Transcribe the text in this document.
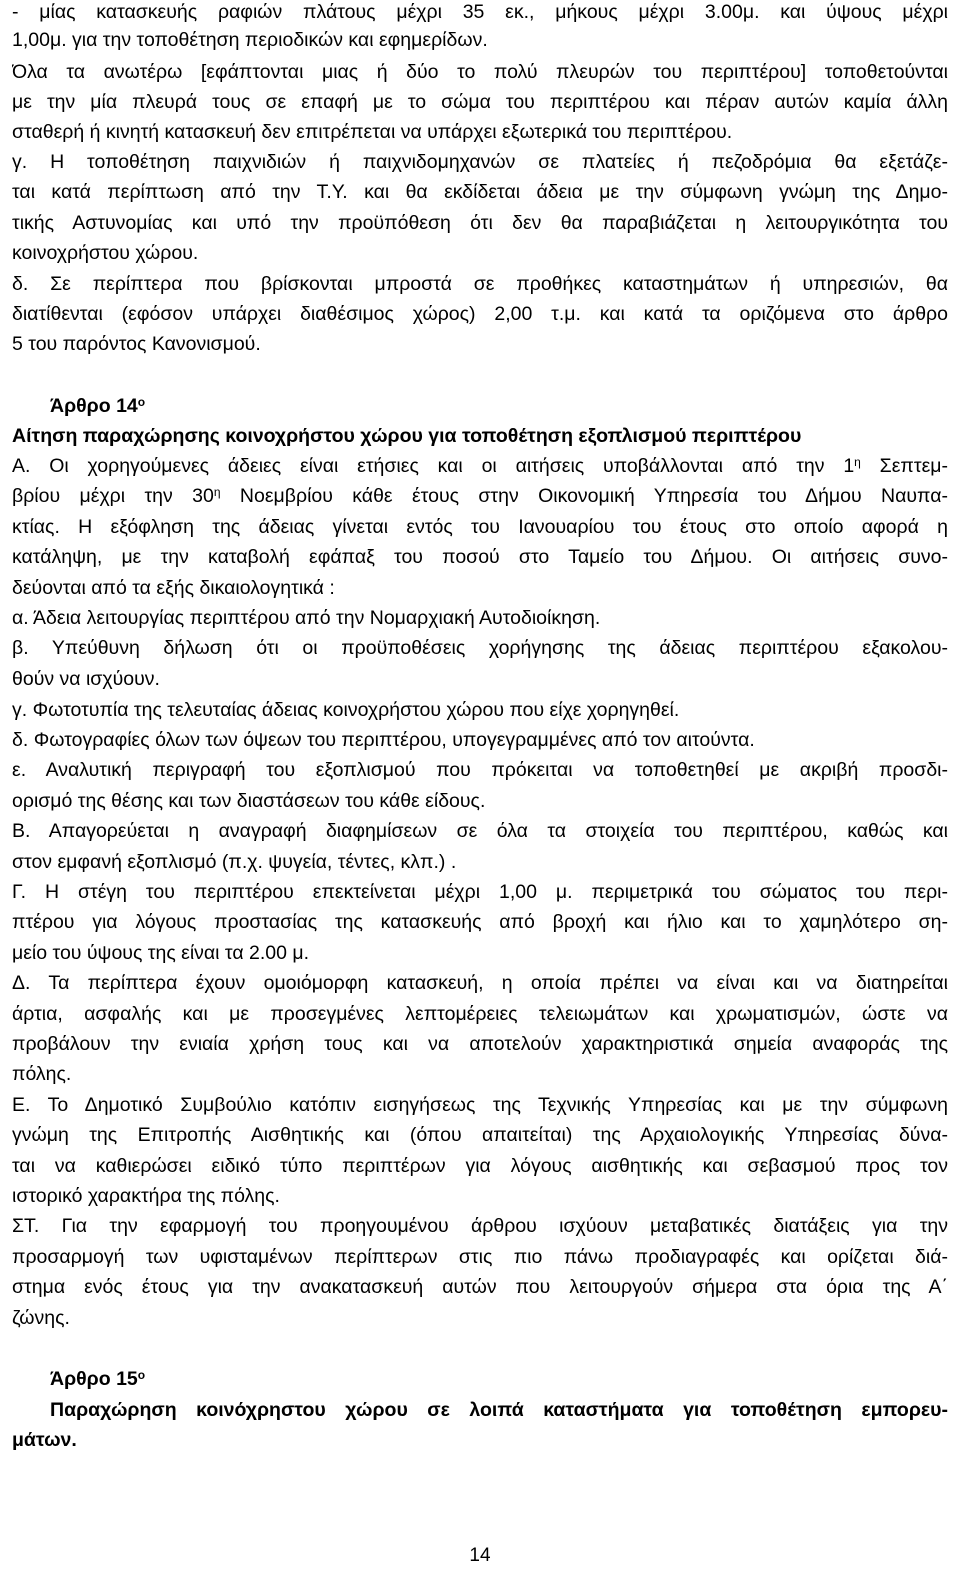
- μίας κατασκευής ραφιών πλάτους μέχρι 35 εκ., μήκους μέχρι 3.00μ. και ύψους μέχρι
1,00μ. για την τοποθέτηση περιοδικών και εφημερίδων.
Όλα τα ανωτέρω [εφάπτονται μιας ή δύο το πολύ πλευρών του περιπτέρου] τοποθετούνται
με την μία πλευρά τους σε επαφή με το σώμα του περιπτέρου και πέραν αυτών καμία άλλη
σταθερή ή κινητή κατασκευή δεν επιτρέπεται να υπάρχει εξωτερικά του περιπτέρου.
γ. Η τοποθέτηση παιχνιδιών ή παιχνιδομηχανών σε πλατείες ή πεζοδρόμια θα εξετάζε-
ται κατά περίπτωση από την Τ.Υ. και θα εκδίδεται άδεια με την σύμφωνη γνώμη της Δημο-
τικής Αστυνομίας και υπό την προϋπόθεση ότι δεν θα παραβιάζεται η λειτουργικότητα του
κοινοχρήστου χώρου.
δ. Σε περίπτερα που βρίσκονται μπροστά σε προθήκες καταστημάτων ή υπηρεσιών, θα
διατίθενται (εφόσον υπάρχει διαθέσιμος χώρος) 2,00 τ.μ. και κατά τα οριζόμενα στο άρθρο
5 του παρόντος Κανονισμού.
Άρθρο $14^o$
Αίτηση παραχώρησης κοινοχρήστου χώρου για τοποθέτηση εξοπλισμού περιπτέρου
Α. Οι χορηγούμενες άδειες είναι ετήσιες και οι αιτήσεις υποβάλλονται από την $1^\eta$ Σεπτεμ-
βρίου μέχρι την $30^\eta$ Νοεμβρίου κάθε έτους στην Οικονομική Υπηρεσία του Δήμου Ναυπα-
κτίας. Η εξόφληση της άδειας γίνεται εντός του Ιανουαρίου του έτους στο οποίο αφορά η
κατάληψη, με την καταβολή εφάπαξ του ποσού στο Ταμείο του Δήμου. Οι αιτήσεις συνο-
δεύονται από τα εξής δικαιολογητικά :
α. Άδεια λειτουργίας περιπτέρου από την Νομαρχιακή Αυτοδιοίκηση.
β. Υπεύθυνη δήλωση ότι οι προϋποθέσεις χορήγησης της άδειας περιπτέρου εξακολου-
θούν να ισχύουν.
γ. Φωτοτυπία της τελευταίας άδειας κοινοχρήστου χώρου που είχε χορηγηθεί.
δ. Φωτογραφίες όλων των όψεων του περιπτέρου, υπογεγραμμένες από τον αιτούντα.
ε. Αναλυτική περιγραφή του εξοπλισμού που πρόκειται να τοποθετηθεί με ακριβή προσδι-
ορισμό της θέσης και των διαστάσεων του κάθε είδους.
Β. Απαγορεύεται η αναγραφή διαφημίσεων σε όλα τα στοιχεία του περιπτέρου, καθώς και
στον εμφανή εξοπλισμό (π.χ. ψυγεία, τέντες, κλπ.) .
Γ. Η στέγη του περιπτέρου επεκτείνεται μέχρι 1,00 μ. περιμετρικά του σώματος του περι-
πτέρου για λόγους προστασίας της κατασκευής από βροχή και ήλιο και το χαμηλότερο ση-
μείο του ύψους της είναι τα 2.00 μ.
Δ. Τα περίπτερα έχουν ομοιόμορφη κατασκευή, η οποία πρέπει να είναι και να διατηρείται
άρτια, ασφαλής και με προσεγμένες λεπτομέρειες τελειωμάτων και χρωματισμών, ώστε να
προβάλουν την ενιαία χρήση τους και να αποτελούν χαρακτηριστικά σημεία αναφοράς της
πόλης.
Ε. Το Δημοτικό Συμβούλιο κατόπιν εισηγήσεως της Τεχνικής Υπηρεσίας και με την σύμφωνη
γνώμη της Επιτροπής Αισθητικής και (όπου απαιτείται) της Αρχαιολογικής Υπηρεσίας δύνα-
ται να καθιερώσει ειδικό τύπο περιπτέρων για λόγους αισθητικής και σεβασμού προς τον
ιστορικό χαρακτήρα της πόλης.
ΣΤ. Για την εφαρμογή του προηγουμένου άρθρου ισχύουν μεταβατικές διατάξεις για την
προσαρμογή των υφισταμένων περίπτερων στις πιο πάνω προδιαγραφές και ορίζεται διά-
στημα ενός έτους για την ανακατασκευή αυτών που λειτουργούν σήμερα στα όρια της Α΄
ζώνης.
Άρθρο $15^o$
Παραχώρηση κοινόχρηστου χώρου σε λοιπά καταστήματα για τοποθέτηση εμπορευ-
μάτων.
14
